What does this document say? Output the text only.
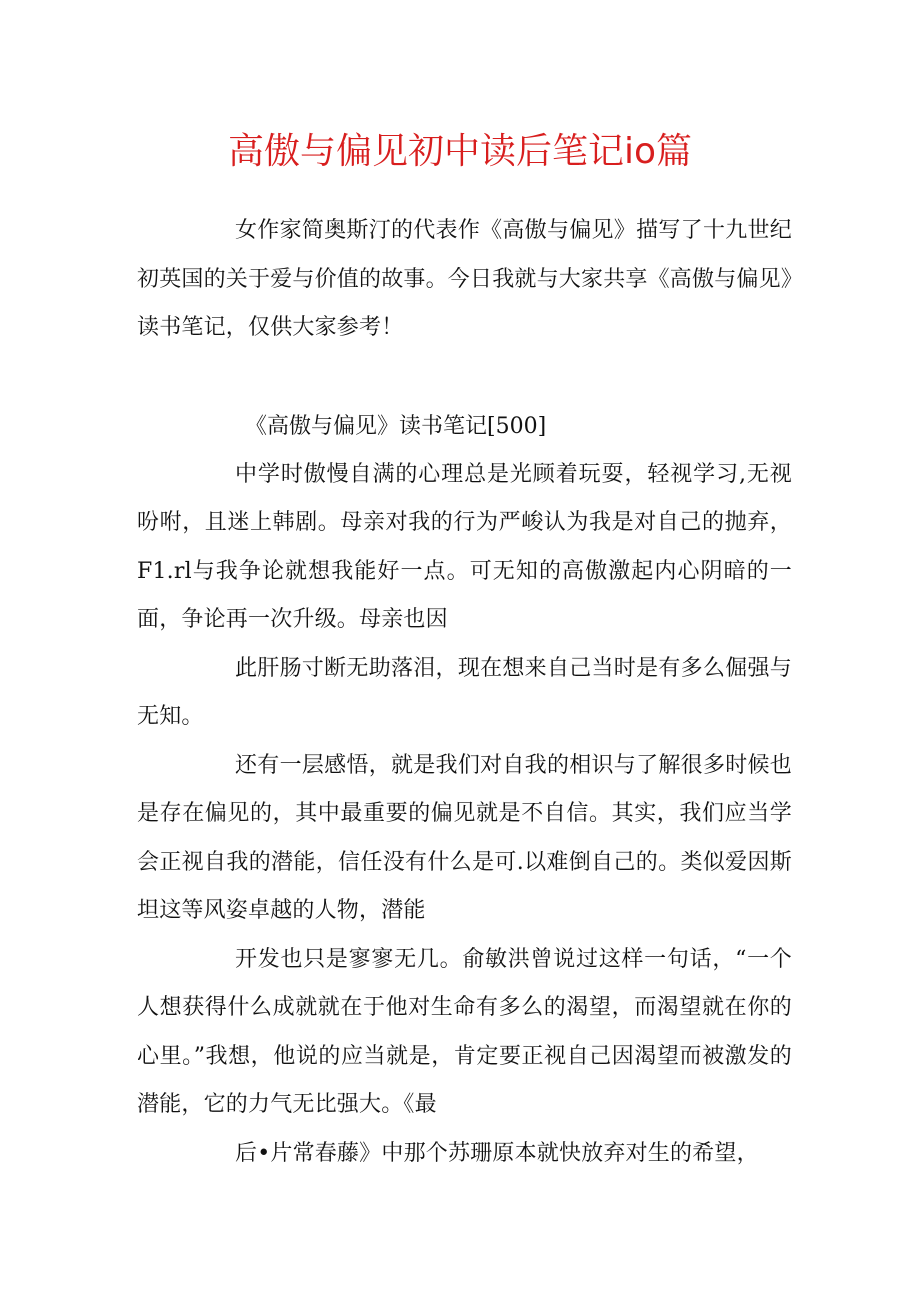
高傲与偏见初中读后笔记io篇

女作家简奥斯汀的代表作《高傲与偏见》描写了十九世纪初英国的关于爱与价值的故事。今日我就与大家共享《高傲与偏见》读书笔记，仅供大家参考！

《高傲与偏见》读书笔记[500]

中学时傲慢自满的心理总是光顾着玩耍，轻视学习,无视吩咐，且迷上韩剧。母亲对我的行为严峻认为我是对自己的抛弃，F1.rl与我争论就想我能好一点。可无知的高傲激起内心阴暗的一面，争论再一次升级。母亲也因

此肝肠寸断无助落泪，现在想来自己当时是有多么倔强与无知。

还有一层感悟，就是我们对自我的相识与了解很多时候也是存在偏见的，其中最重要的偏见就是不自信。其实，我们应当学会正视自我的潜能，信任没有什么是可.以难倒自己的。类似爱因斯坦这等风姿卓越的人物，潜能

开发也只是寥寥无几。俞敏洪曾说过这样一句话，“一个人想获得什么成就就在于他对生命有多么的渴望，而渴望就在你的心里。”我想，他说的应当就是，肯定要正视自己因渴望而被激发的潜能，它的力气无比强大。《最

后•片常春藤》中那个苏珊原本就快放弃对生的希望，
